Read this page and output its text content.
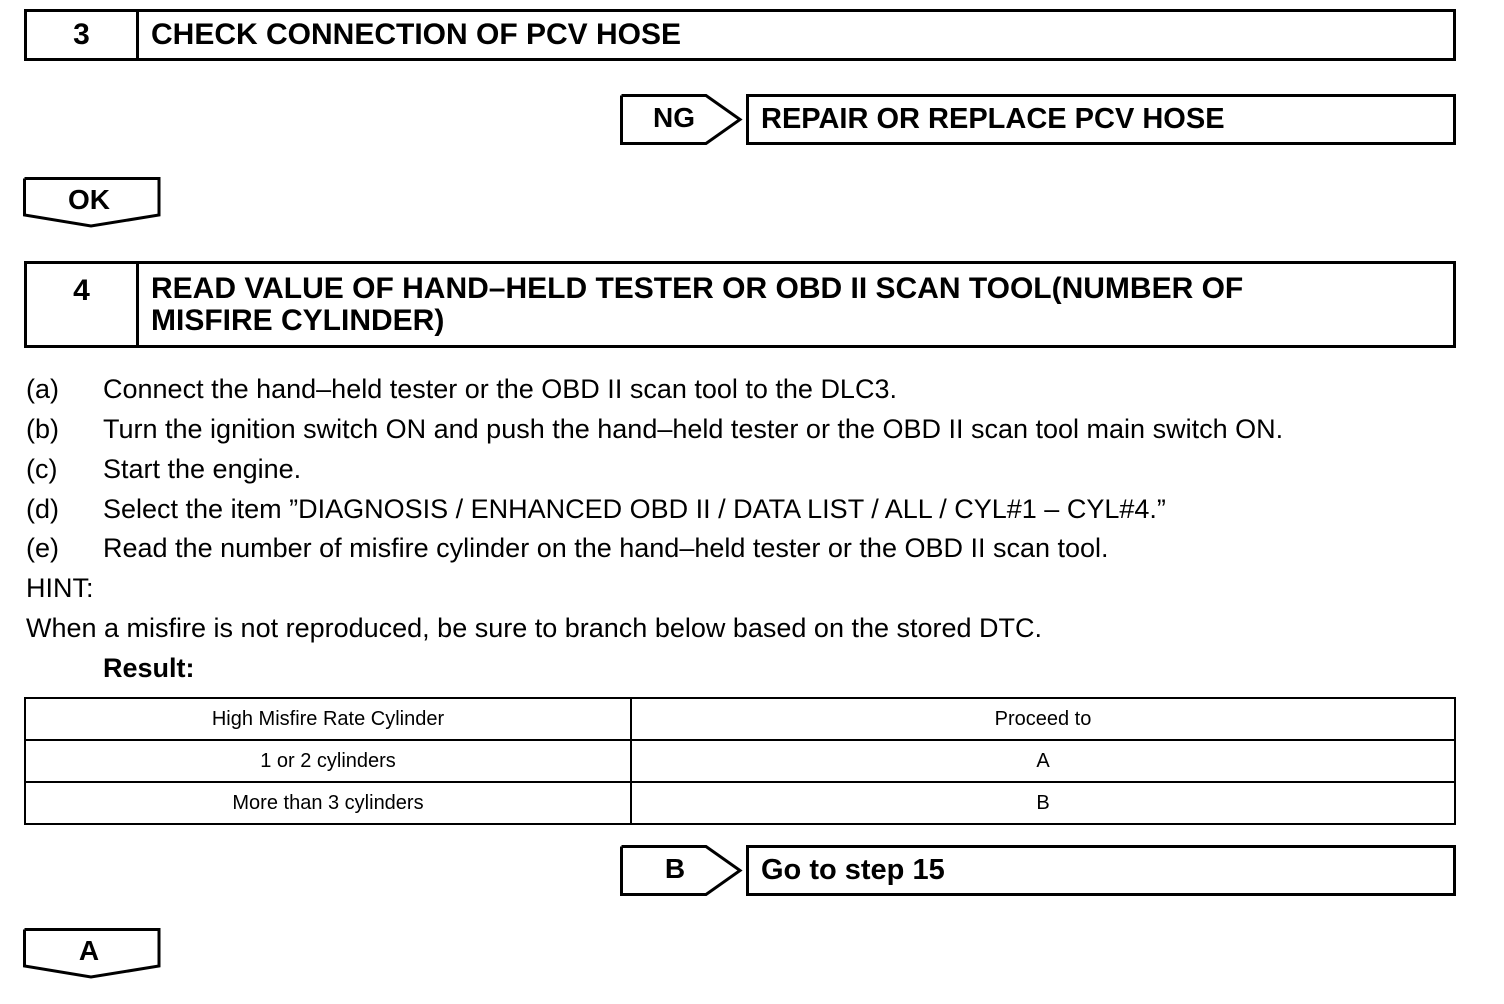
3	CHECK CONNECTION OF PCV HOSE
NG	REPAIR OR REPLACE PCV HOSE
OK
4	READ VALUE OF HAND–HELD TESTER OR OBD II SCAN TOOL(NUMBER OF
MISFIRE CYLINDER)
(a) Connect the hand–held tester or the OBD II scan tool to the DLC3.
(b) Turn the ignition switch ON and push the hand–held tester or the OBD II scan tool main switch ON.
(c) Start the engine.
(d) Select the item ”DIAGNOSIS / ENHANCED OBD II / DATA LIST / ALL / CYL#1 – CYL#4.”
(e) Read the number of misfire cylinder on the hand–held tester or the OBD II scan tool.
HINT:
When a misfire is not reproduced, be sure to branch below based on the stored DTC.
Result:
High Misfire Rate Cylinder	Proceed to
1 or 2 cylinders	A
More than 3 cylinders	B
B	Go to step 15
A
